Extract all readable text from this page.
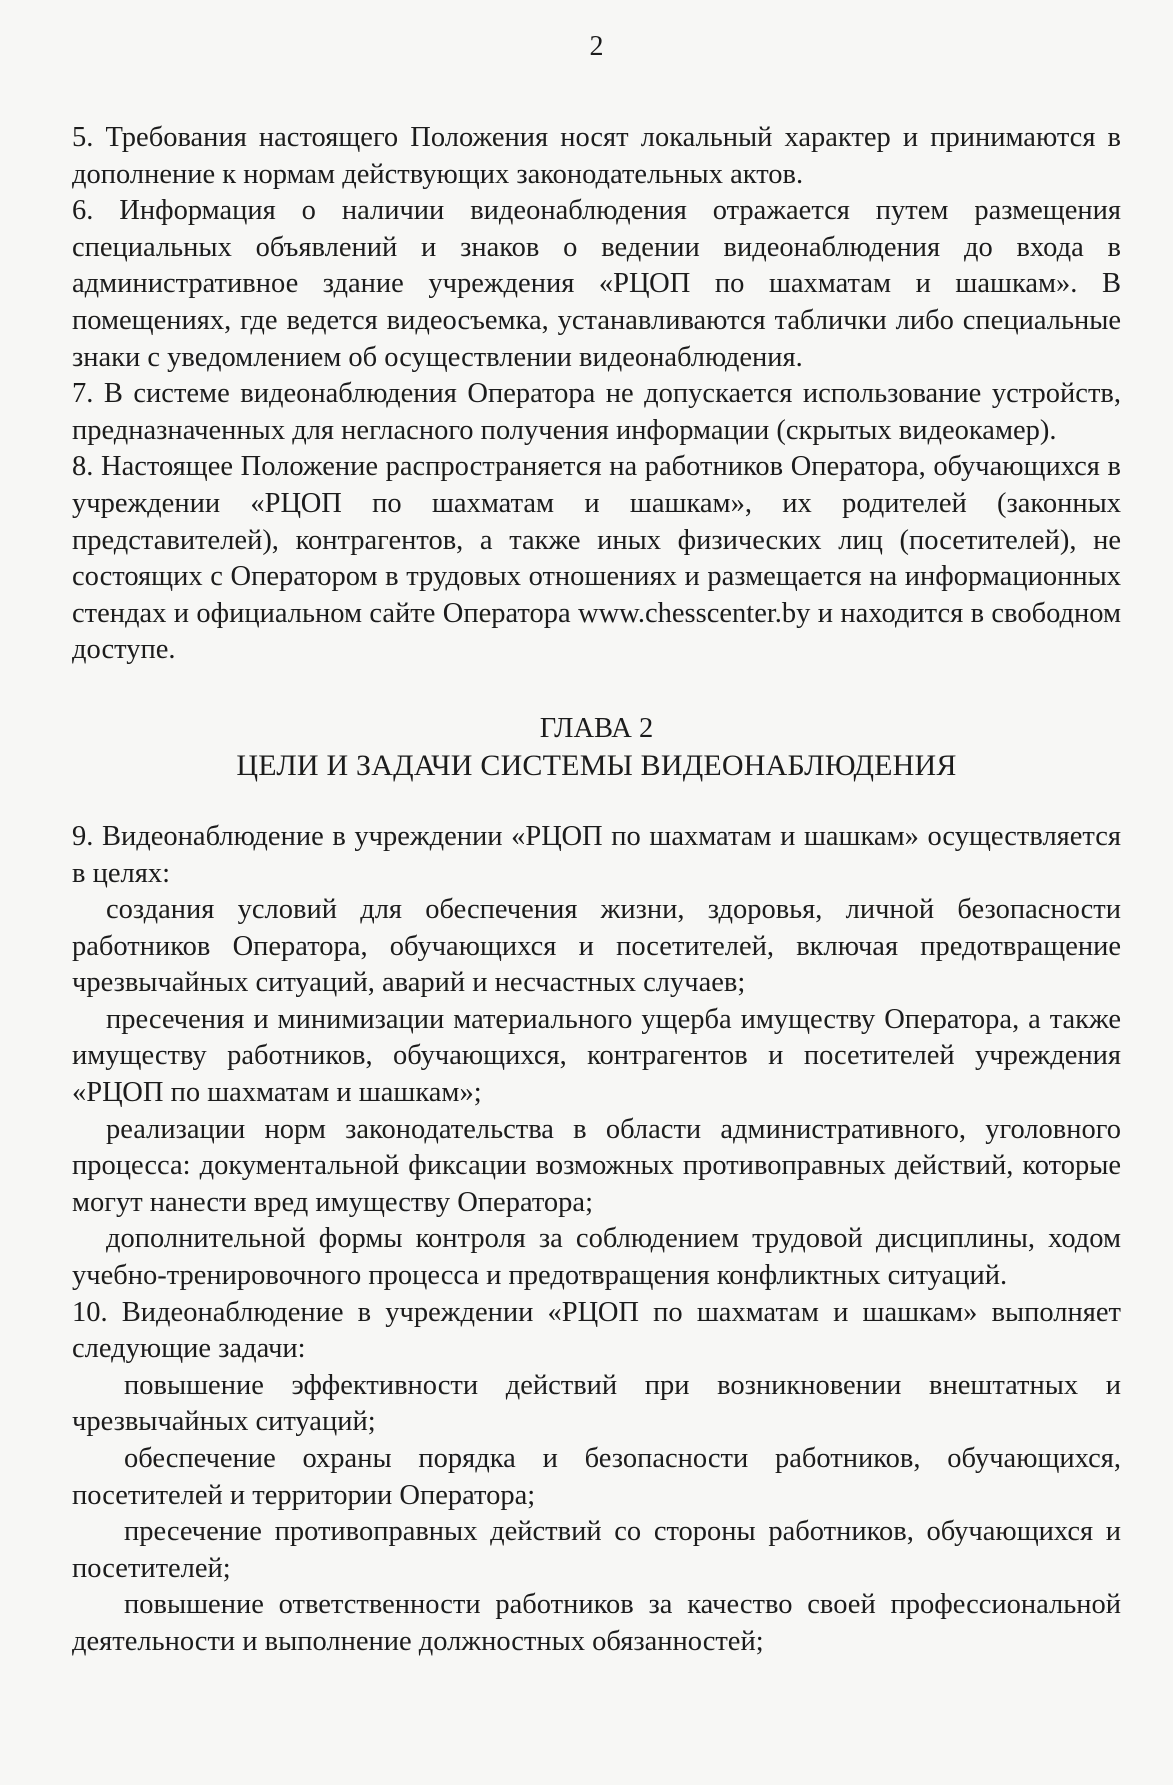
2

5. Требования настоящего Положения носят локальный характер и принимаются в дополнение к нормам действующих законодательных актов.

6. Информация о наличии видеонаблюдения отражается путем размещения специальных объявлений и знаков о ведении видеонаблюдения до входа в административное здание учреждения «РЦОП по шахматам и шашкам». В помещениях, где ведется видеосъемка, устанавливаются таблички либо специальные знаки с уведомлением об осуществлении видеонаблюдения.

7. В системе видеонаблюдения Оператора не допускается использование устройств, предназначенных для негласного получения информации (скрытых видеокамер).

8. Настоящее Положение распространяется на работников Оператора, обучающихся в учреждении «РЦОП по шахматам и шашкам», их родителей (законных представителей), контрагентов, а также иных физических лиц (посетителей), не состоящих с Оператором в трудовых отношениях и размещается на информационных стендах и официальном сайте Оператора www.chesscenter.by и находится в свободном доступе.

ГЛАВА 2
ЦЕЛИ И ЗАДАЧИ СИСТЕМЫ ВИДЕОНАБЛЮДЕНИЯ

9. Видеонаблюдение в учреждении «РЦОП по шахматам и шашкам» осуществляется в целях:

создания условий для обеспечения жизни, здоровья, личной безопасности работников Оператора, обучающихся и посетителей, включая предотвращение чрезвычайных ситуаций, аварий и несчастных случаев;

пресечения и минимизации материального ущерба имуществу Оператора, а также имуществу работников, обучающихся, контрагентов и посетителей учреждения «РЦОП по шахматам и шашкам»;

реализации норм законодательства в области административного, уголовного процесса: документальной фиксации возможных противоправных действий, которые могут нанести вред имуществу Оператора;

дополнительной формы контроля за соблюдением трудовой дисциплины, ходом учебно-тренировочного процесса и предотвращения конфликтных ситуаций.

10. Видеонаблюдение в учреждении «РЦОП по шахматам и шашкам» выполняет следующие задачи:

повышение эффективности действий при возникновении внештатных и чрезвычайных ситуаций;

обеспечение охраны порядка и безопасности работников, обучающихся, посетителей и территории Оператора;

пресечение противоправных действий со стороны работников, обучающихся и посетителей;

повышение ответственности работников за качество своей профессиональной деятельности и выполнение должностных обязанностей;
